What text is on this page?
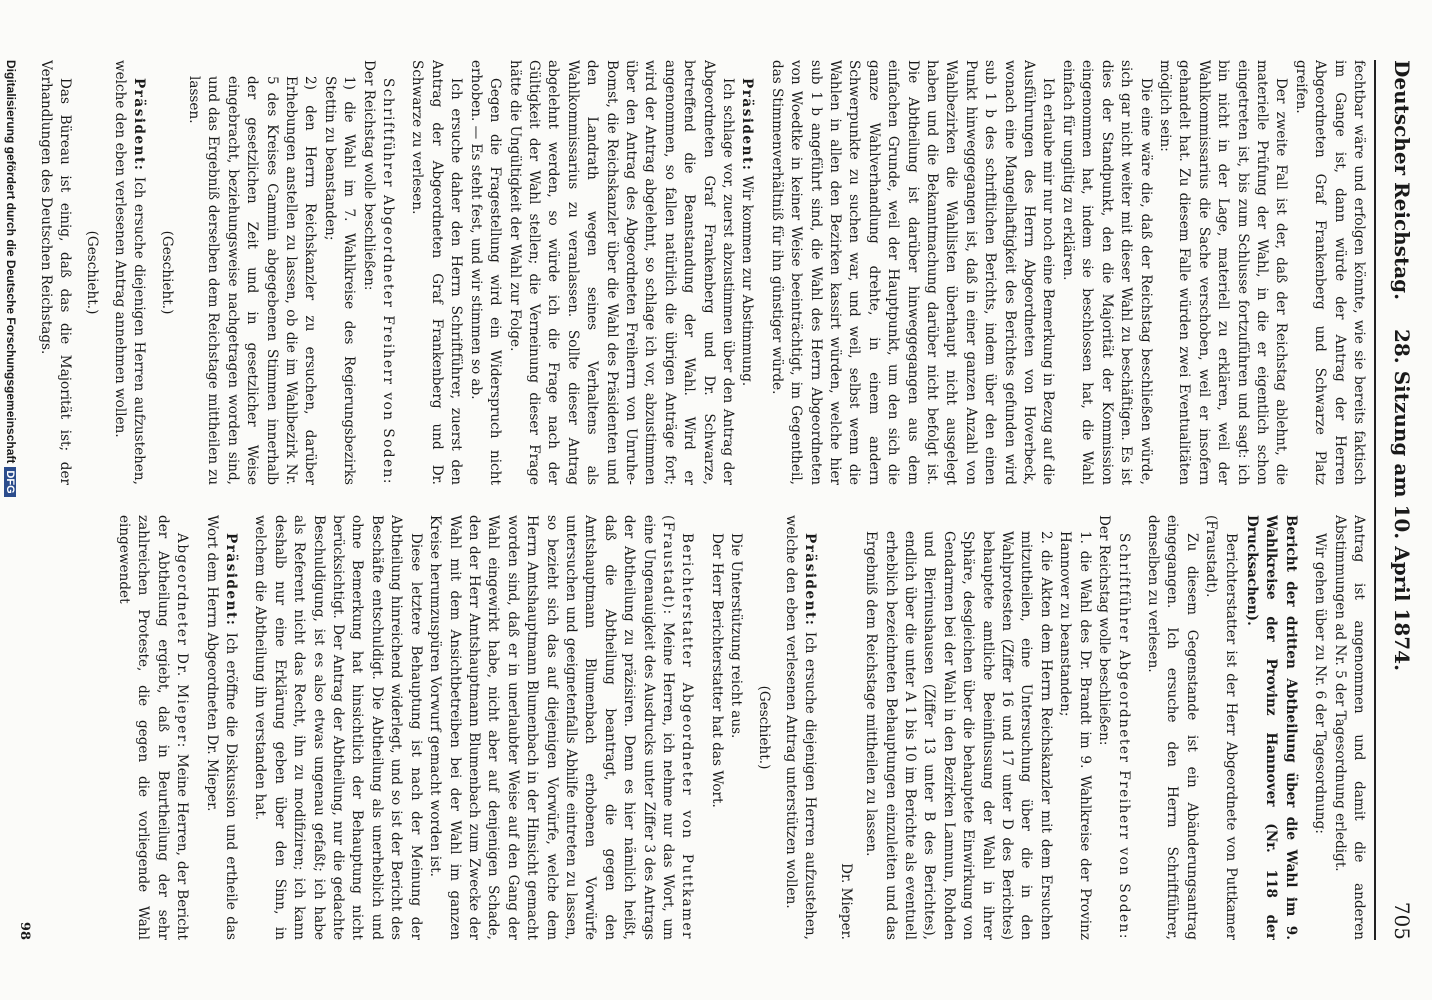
Deutscher Reichstag.
28. Sitzung am 10. April 1874.
705

fechtbar wäre und erfolgen könnte, wie sie bereits faktisch im Gange ist, dann würde der Antrag der Herren Abgeordneten Graf Frankenberg und Schwarze Platz greifen.

Der zweite Fall ist der, daß der Reichstag ablehnt, die materielle Prüfung der Wahl, in die er eigentlich schon eingetreten ist, bis zum Schlusse fortzuführen und sagt: ich bin nicht in der Lage, materiell zu erklären, weil der Wahlkommissarius die Sache verschoben, weil er insofern gehandelt hat. Zu diesem Falle würden zwei Eventualitäten möglich sein:

Die eine wäre die, daß der Reichstag beschließen würde, sich gar nicht weiter mit dieser Wahl zu beschäftigen. Es ist dies der Standpunkt, den die Majorität der Kommission eingenommen hat, indem sie beschlossen hat, die Wahl einfach für ungiltig zu erklären.

Ich erlaube mir nur noch eine Bemerkung in Bezug auf die Ausführungen des Herrn Abgeordneten von Hoverbeck, wonach eine Mangelhaftigkeit des Berichtes gefunden wird sub 1 b des schriftlichen Berichts, indem über den einen Punkt hinweggegangen ist, daß in einer ganzen Anzahl von Wahlbezirken die Wahllisten überhaupt nicht ausgelegt haben und die Bekanntmachung darüber nicht befolgt ist. Die Abtheilung ist darüber hinweggegangen aus dem einfachen Grunde, weil der Hauptpunkt, um den sich die ganze Wahlverhandlung drehte, in einem andern Schwerpunkte zu suchen war, und weil, selbst wenn die Wahlen in allen den Bezirken kassirt würden, welche hier sub 1 b angeführt sind, die Wahl des Herrn Abgeordneten von Woedtke in keiner Weise beeinträchtigt, im Gegentheil, das Stimmenverhältniß für ihn günstiger würde.

Präsident: Wir kommen zur Abstimmung.

Ich schlage vor, zuerst abzustimmen über den Antrag der Abgeordneten Graf Frankenberg und Dr. Schwarze, betreffend die Beanstandung der Wahl. Wird er angenommen, so fallen natürlich die übrigen Anträge fort; wird der Antrag abgelehnt, so schlage ich vor, abzustimmen über den Antrag des Abgeordneten Freiherrn von Unruhe-Bomst, die Reichskanzler über die Wahl des Präsidenten und den Landrath wegen seines Verhaltens als Wahlkommissarius zu veranlassen. Sollte dieser Antrag abgelehnt werden, so würde ich die Frage nach der Gültigkeit der Wahl stellen; die Verneinung dieser Frage hätte die Ungültigkeit der Wahl zur Folge.

Gegen die Fragestellung wird ein Widerspruch nicht erhoben. — Es steht fest, und wir stimmen so ab.

Ich ersuche daher den Herrn Schriftführer, zuerst den Antrag der Abgeordneten Graf Frankenberg und Dr. Schwarze zu verlesen.

Schriftführer Abgeordneter Freiherr von Soden: Der Reichstag wolle beschließen:

1) die Wahl im 7. Wahlkreise des Regierungsbezirks Stettin zu beanstanden;

2) den Herrn Reichskanzler zu ersuchen, darüber Erhebungen anstellen zu lassen, ob die im Wahlbezirk Nr. 5 des Kreises Cammin abgegebenen Stimmen innerhalb der gesetzlichen Zeit und in gesetzlicher Weise eingebracht, beziehungsweise nachgetragen worden sind, und das Ergebniß derselben dem Reichstage mittheilen zu lassen.

(Geschieht.)

Präsident: Ich ersuche diejenigen Herren aufzustehen, welche den eben verlesenen Antrag annehmen wollen.

(Geschieht.)

Das Büreau ist einig, daß das die Majorität ist; der Verhandlungen des Deutschen Reichstags.

Antrag ist angenommen und damit die anderen Abstimmungen ad Nr. 5 der Tagesordnung erledigt.

Wir gehen über zu Nr. 6 der Tagesordnung:

Bericht der dritten Abtheilung über die Wahl im 9. Wahlkreise der Provinz Hannover (Nr. 118 der Drucksachen).

Berichterstatter ist der Herr Abgeordnete von Puttkamer (Fraustadt).

Zu diesem Gegenstande ist ein Abänderungsantrag eingegangen. Ich ersuche den Herrn Schriftführer, denselben zu verlesen.

Schriftführer Abgeordneter Freiherr von Soden: Der Reichstag wolle beschließen:

1. die Wahl des Dr. Brandt im 9. Wahlkreise der Provinz Hannover zu beanstanden;

2. die Akten dem Herrn Reichskanzler mit dem Ersuchen mitzutheilen, eine Untersuchung über die in den Wahlprotesten (Ziffer 16 und 17 unter D des Berichtes) behauptete amtliche Beeinflussung der Wahl in ihrer Sphäre, desgleichen über die behauptete Einwirkung von Gendarmen bei der Wahl in den Bezirken Lamnun, Rohden und Bierinushausen (Ziffer 13 unter B des Berichtes), endlich über die unter A 1 bis 10 im Berichte als eventuell erheblich bezeichneten Behauptungen einzuleiten und das Ergebniß dem Reichstage mittheilen zu lassen.

Dr. Mieper.

Präsident: Ich ersuche diejenigen Herren aufzustehen, welche den eben verlesenen Antrag unterstützen wollen.

(Geschieht.)

Die Unterstützung reicht aus.

Der Herr Berichterstatter hat das Wort.

Berichterstatter Abgeordneter von Puttkamer (Fraustadt): Meine Herren, ich nehme nur das Wort, um eine Ungenauigkeit des Ausdrucks unter Ziffer 3 des Antrags der Abtheilung zu präzisiren. Denn es hier nämlich heißt, daß die Abtheilung beantragt, die gegen den Amtshauptmann Blumenbach erhobenen Vorwürfe untersuchen und geeignetenfalls Abhilfe eintreten zu lassen, so bezieht sich das auf diejenigen Vorwürfe, welche dem Herrn Amtshauptmann Blumenbach in der Hinsicht gemacht worden sind, daß er in unerlaubter Weise auf den Gang der Wahl eingewirkt habe, nicht aber auf denjenigen Schade, den der Herr Amtshauptmann Blumenbach zum Zwecke der Wahl mit dem Ansichtbetreiben bei der Wahl im ganzen Kreise herumzuspüren Vorwurf gemacht worden ist.

Diese letztere Behauptung ist nach der Meinung der Abtheilung hinreichend widerlegt, und so ist der Bericht des Beschäfte entschuldigt. Die Abtheilung als unerheblich und ohne Bemerkung hat hinsichtlich der Behauptung nicht berücksichtigt. Der Antrag der Abtheilung, nur die gedachte Beschuldigung, ist es also etwas ungenau gefaßt; ich habe als Referent nicht das Recht, ihn zu modifiziren; ich kann deshalb nur eine Erklärung geben über den Sinn, in welchem die Abtheilung ihn verstanden hat.

Präsident: Ich eröffne die Diskussion und ertheile das Wort dem Herrn Abgeordneten Dr. Mieper.

Abgeordneter Dr. Mieper: Meine Herren, der Bericht der Abtheilung ergiebt, daß in Beurtheilung der sehr zahlreichen Proteste, die gegen die vorliegende Wahl eingewendet

Digitalisierung gefördert durch die Deutsche ForschungsgemeinschaftDFG
98
